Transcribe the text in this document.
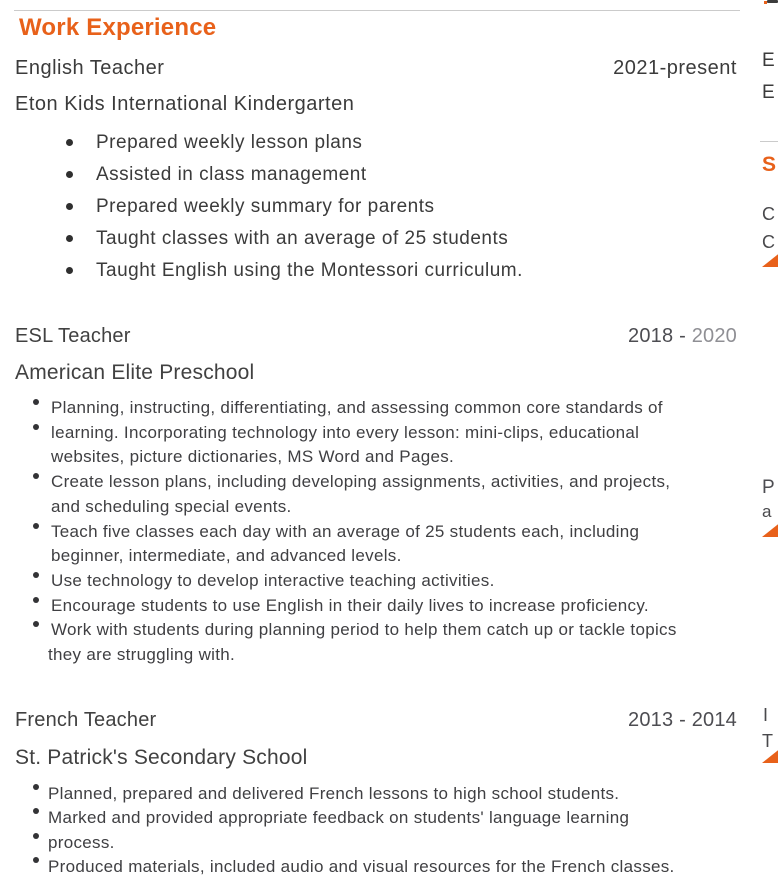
Work Experience
English Teacher	2021-present
Eton Kids International Kindergarten
Prepared weekly lesson plans
Assisted in class management
Prepared weekly summary for parents
Taught classes with an average of 25 students
Taught English using the Montessori curriculum.
ESL Teacher	2018 - 2020
American Elite Preschool
Planning, instructing, differentiating, and assessing common core standards of
learning. Incorporating technology into every lesson: mini-clips, educational
websites, picture dictionaries, MS Word and Pages.
Create lesson plans, including developing assignments, activities, and projects,
and scheduling special events.
Teach five classes each day with an average of 25 students each, including
beginner, intermediate, and advanced levels.
Use technology to develop interactive teaching activities.
Encourage students to use English in their daily lives to increase proficiency.
Work with students during planning period to help them catch up or tackle topics
they are struggling with.
French Teacher	2013 - 2014
St. Patrick's Secondary School
Planned, prepared and delivered French lessons to high school students.
Marked and provided appropriate feedback on students' language learning
process.
Produced materials, included audio and visual resources for the French classes.
E
E
S
C
C
P
a
I
T
